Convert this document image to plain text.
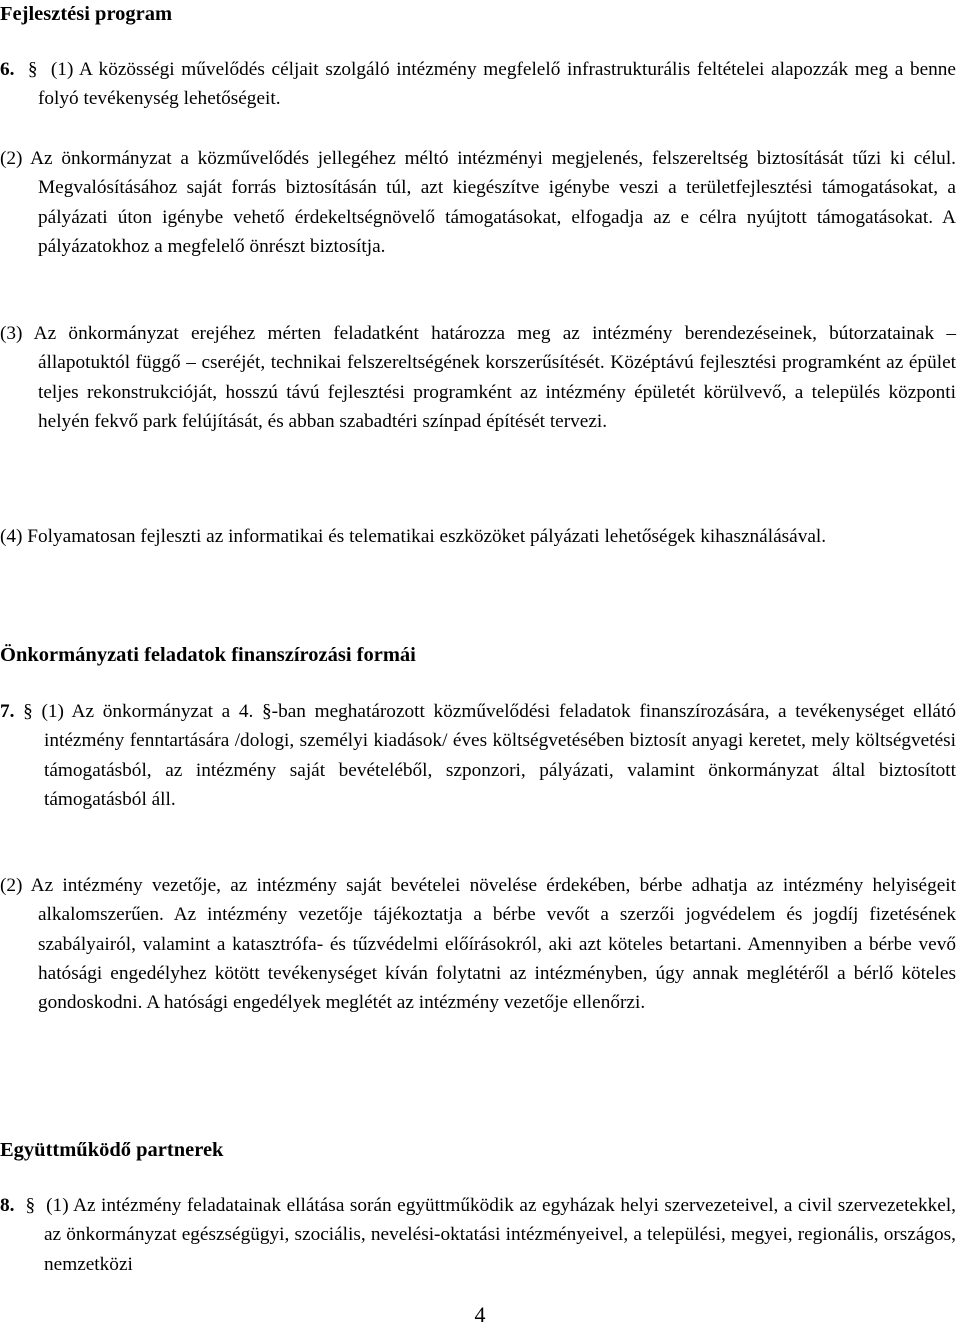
Fejlesztési program

6. § (1) A közösségi művelődés céljait szolgáló intézmény megfelelő infrastrukturális feltételei alapozzák meg a benne folyó tevékenység lehetőségeit.

(2) Az önkormányzat a közművelődés jellegéhez méltó intézményi megjelenés, felszereltség biztosítását tűzi ki célul. Megvalósításához saját forrás biztosításán túl, azt kiegészítve igénybe veszi a területfejlesztési támogatásokat, a pályázati úton igénybe vehető érdekeltségnövelő támogatásokat, elfogadja az e célra nyújtott támogatásokat. A pályázatokhoz a megfelelő önrészt biztosítja.

(3) Az önkormányzat erejéhez mérten feladatként határozza meg az intézmény berendezéseinek, bútorzatainak – állapotuktól függő – cseréjét, technikai felszereltségének korszerűsítését. Középtávú fejlesztési programként az épület teljes rekonstrukcióját, hosszú távú fejlesztési programként az intézmény épületét körülvevő, a település központi helyén fekvő park felújítását, és abban szabadtéri színpad építését tervezi.

(4) Folyamatosan fejleszti az informatikai és telematikai eszközöket pályázati lehetőségek kihasználásával.

Önkormányzati feladatok finanszírozási formái

7. § (1) Az önkormányzat a 4. §-ban meghatározott közművelődési feladatok finanszírozására, a tevékenységet ellátó intézmény fenntartására /dologi, személyi kiadások/ éves költségvetésében biztosít anyagi keretet, mely költségvetési támogatásból, az intézmény saját bevételéből, szponzori, pályázati, valamint önkormányzat által biztosított támogatásból áll.

(2) Az intézmény vezetője, az intézmény saját bevételei növelése érdekében, bérbe adhatja az intézmény helyiségeit alkalomszerűen. Az intézmény vezetője tájékoztatja a bérbe vevőt a szerzői jogvédelem és jogdíj fizetésének szabályairól, valamint a katasztrófa- és tűzvédelmi előírásokról, aki azt köteles betartani. Amennyiben a bérbe vevő hatósági engedélyhez kötött tevékenységet kíván folytatni az intézményben, úgy annak meglétéről a bérlő köteles gondoskodni. A hatósági engedélyek meglétét az intézmény vezetője ellenőrzi.

Együttműködő partnerek

8. § (1) Az intézmény feladatainak ellátása során együttműködik az egyházak helyi szervezeteivel, a civil szervezetekkel, az önkormányzat egészségügyi, szociális, nevelési-oktatási intézményeivel, a települési, megyei, regionális, országos, nemzetközi

4
